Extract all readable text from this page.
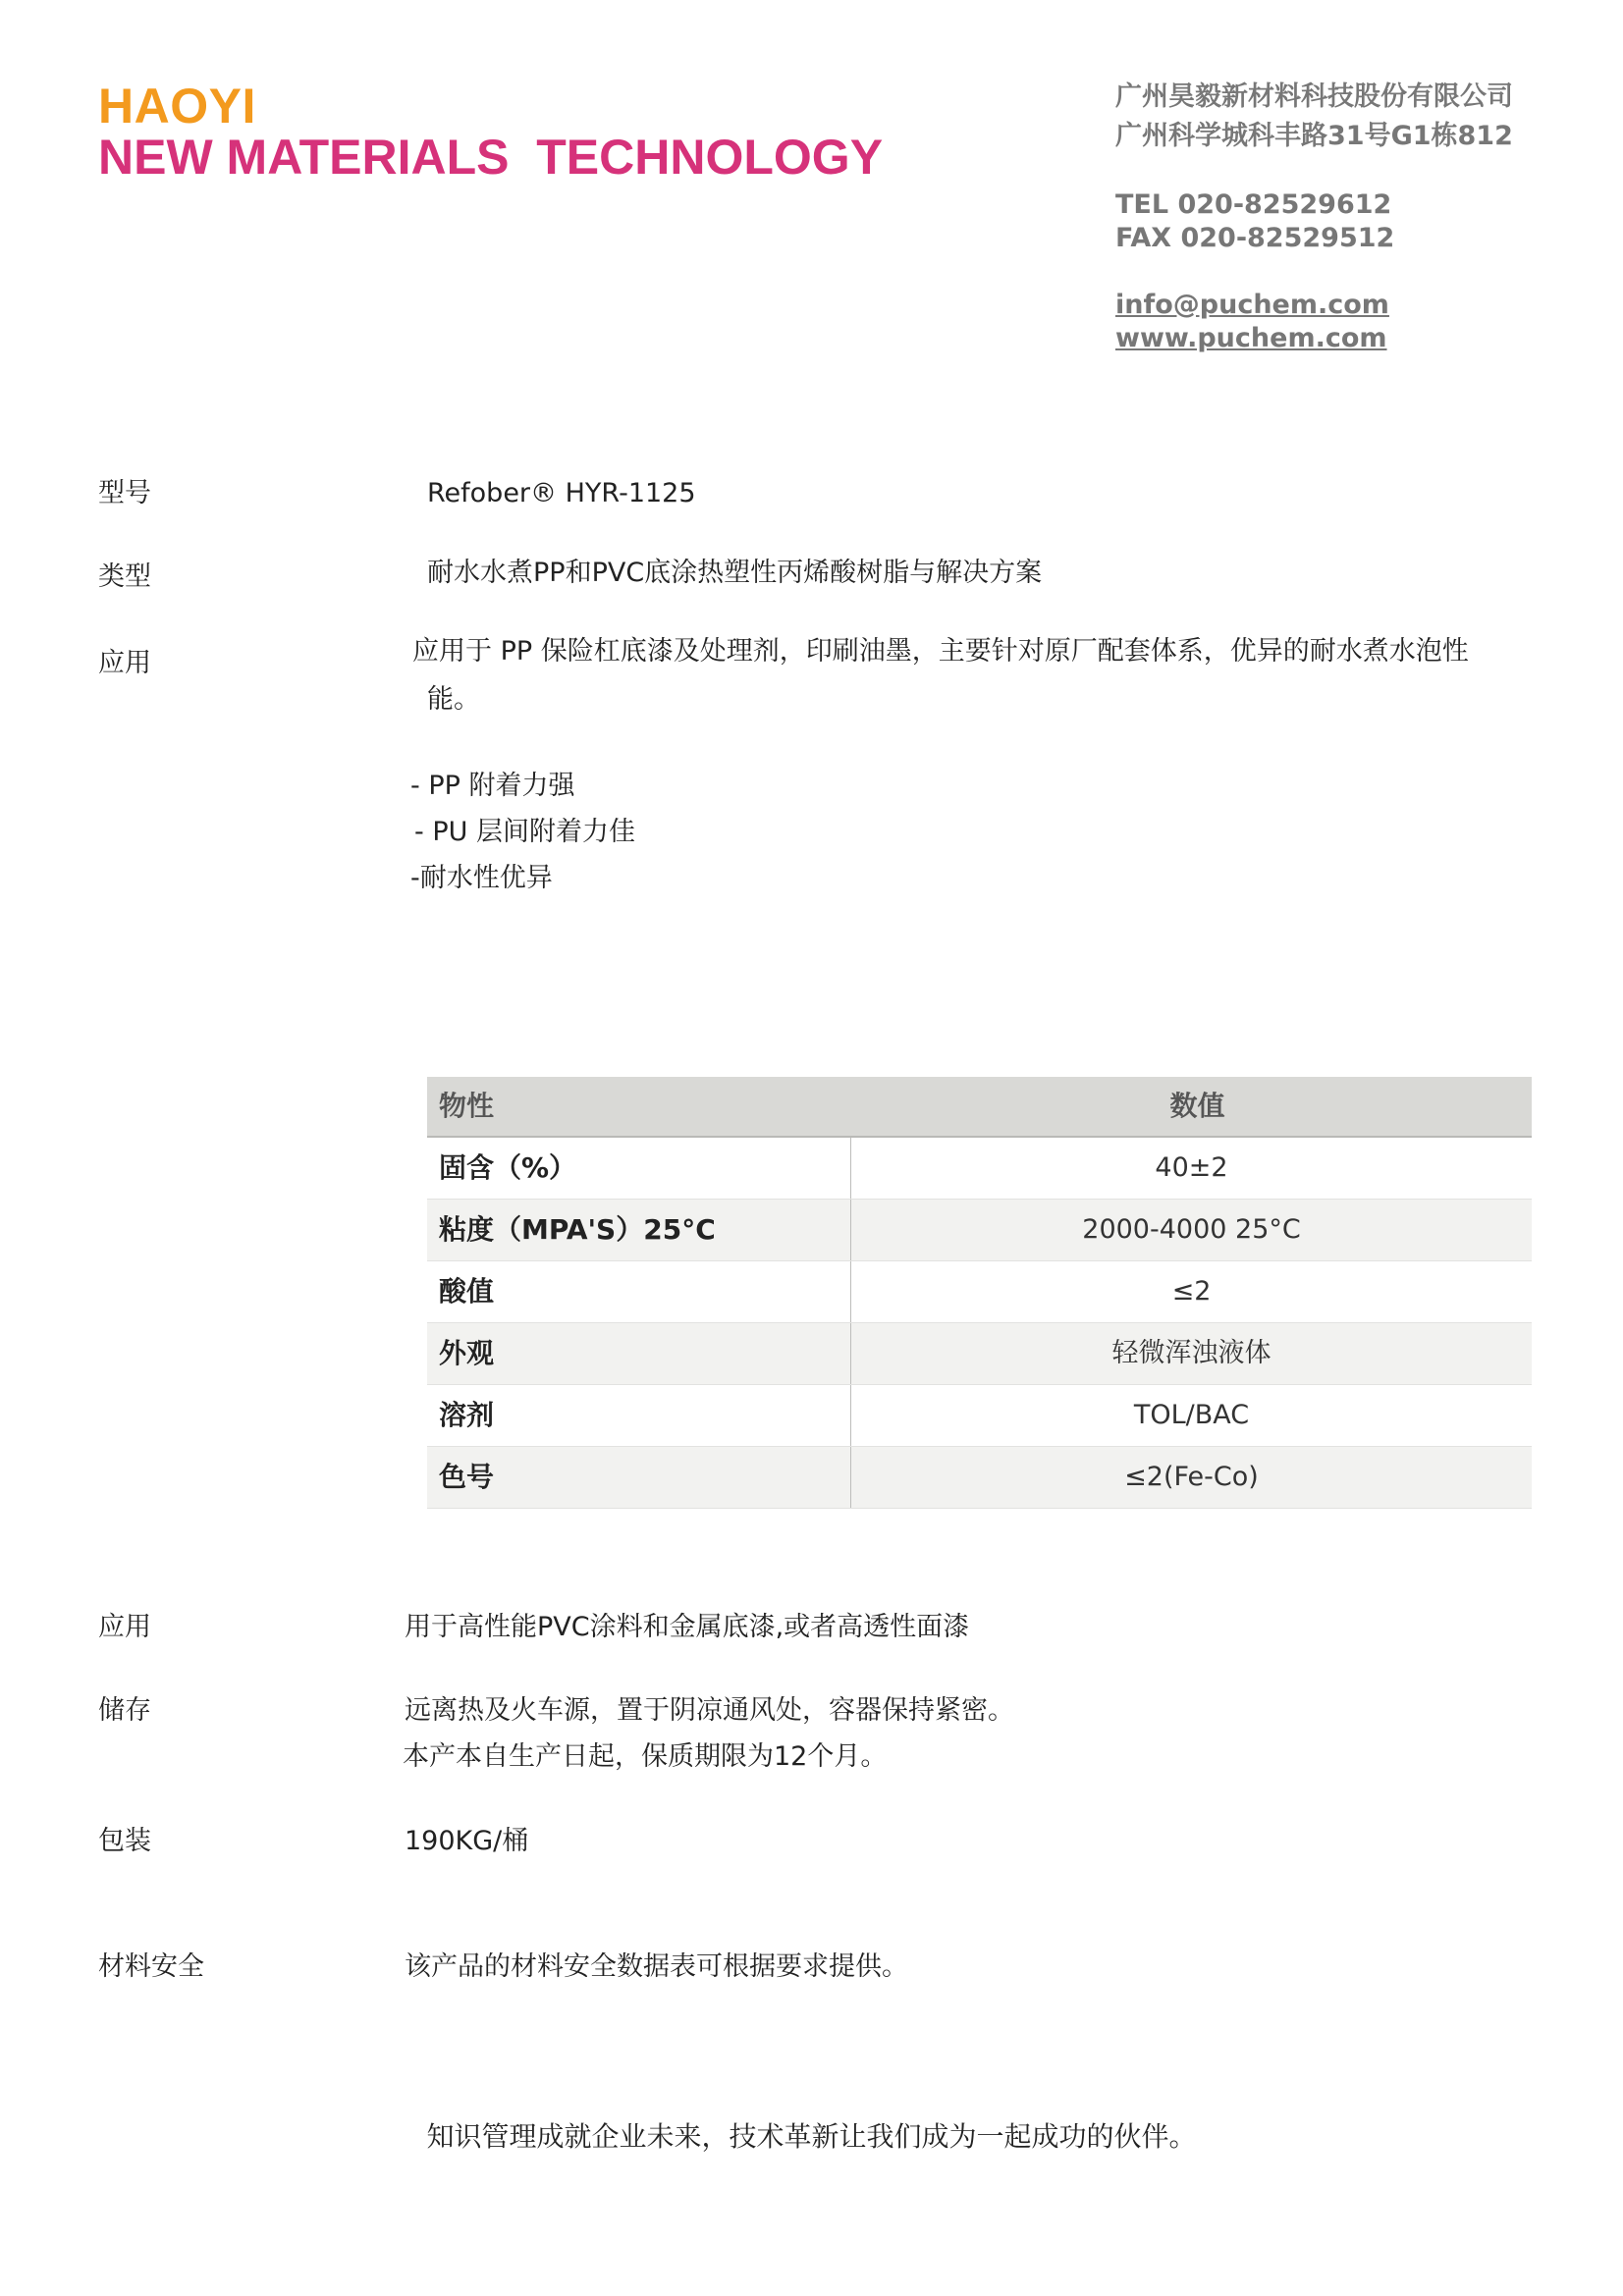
HAOYI
NEW MATERIALS  TECHNOLOGY
广州昊毅新材料科技股份有限公司
广州科学城科丰路31号G1栋812
TEL 020-82529612
FAX 020-82529512
info@puchem.com
www.puchem.com
型号	Refober® HYR-1125
类型	耐水水煮PP和PVC底涂热塑性丙烯酸树脂与解决方案
应用	应用于 PP 保险杠底漆及处理剂，印刷油墨，主要针对原厂配套体系，优异的耐水煮水泡性
能。
- PP 附着力强
- PU 层间附着力佳
-耐水性优异
物性	数值
固含（%）	40±2
粘度（MPA'S）25°C	2000-4000 25°C
酸值	≤2
外观	轻微浑浊液体
溶剂	TOL/BAC
色号	≤2(Fe-Co)
应用	用于高性能PVC涂料和金属底漆,或者高透性面漆
储存	远离热及火车源，置于阴凉通风处，容器保持紧密。
本产本自生产日起，保质期限为12个月。
包装	190KG/桶
材料安全	该产品的材料安全数据表可根据要求提供。
知识管理成就企业未来，技术革新让我们成为一起成功的伙伴。
